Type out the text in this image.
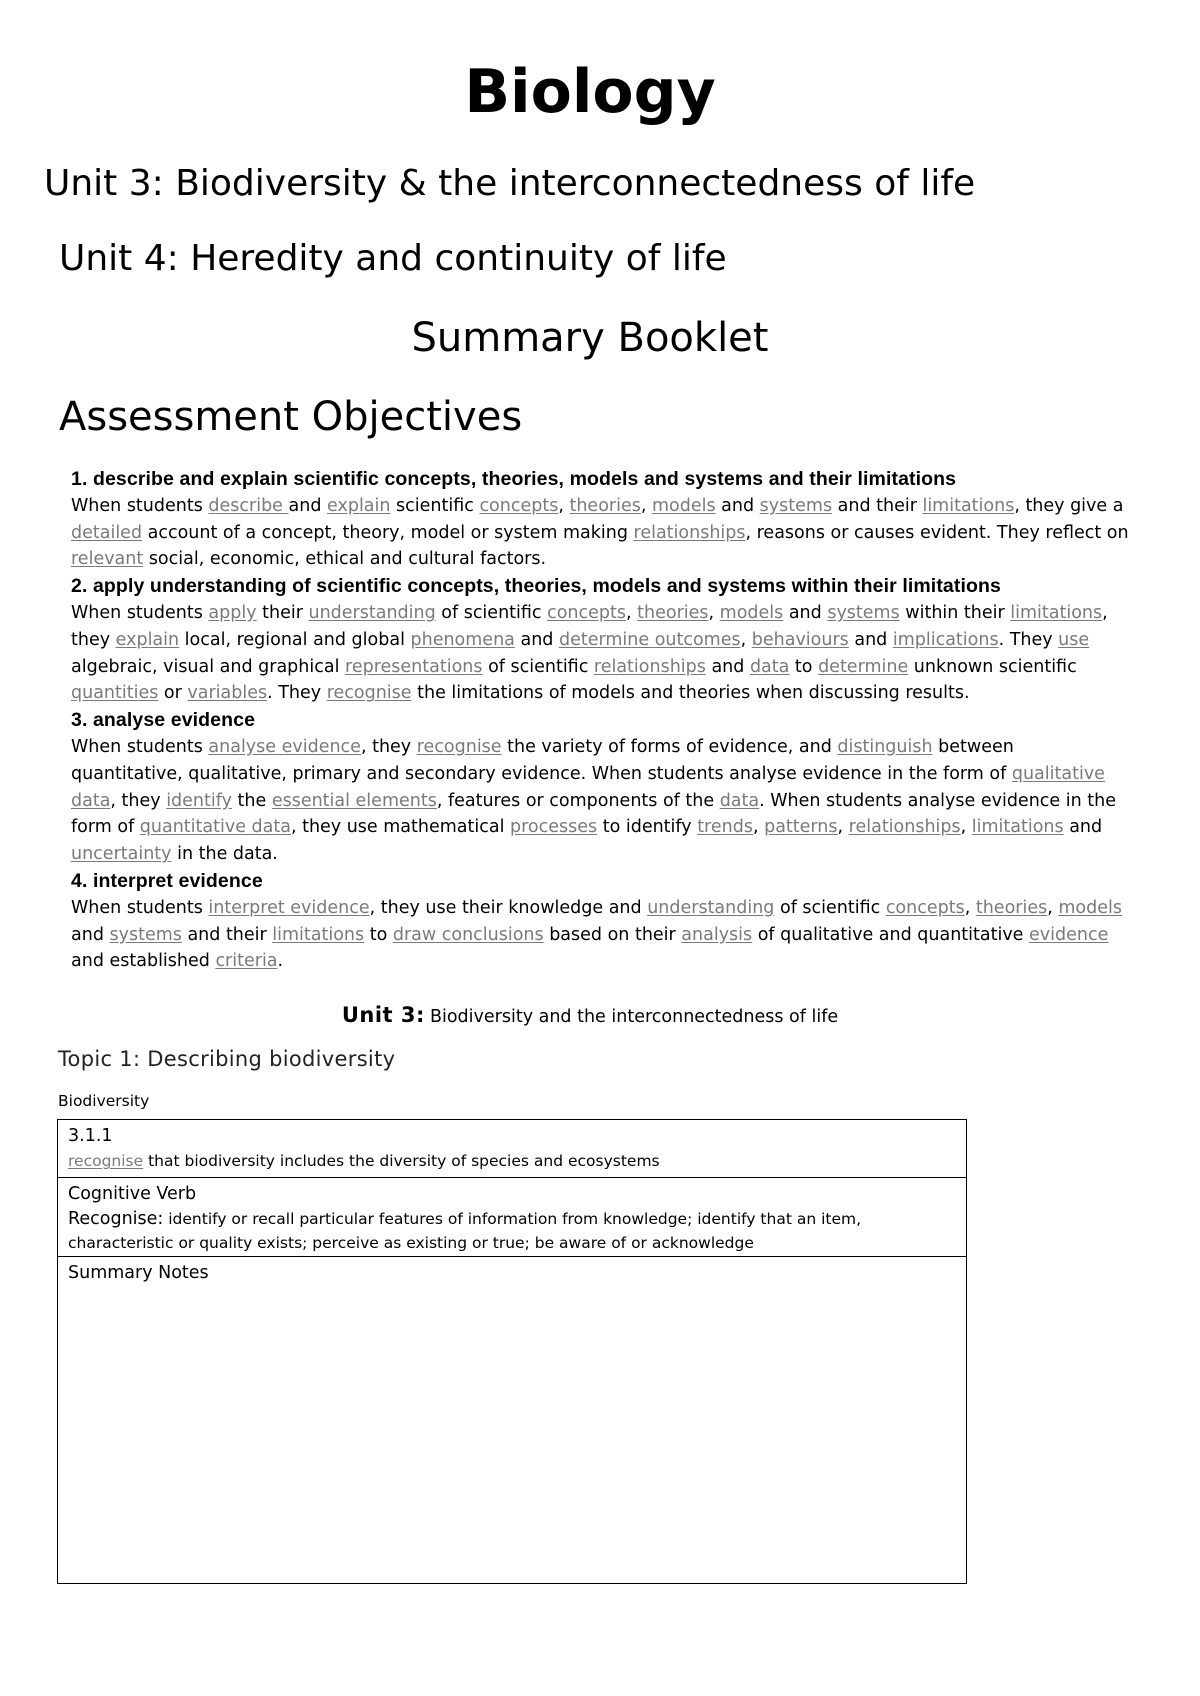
Biology
Unit 3: Biodiversity & the interconnectedness of life
Unit 4: Heredity and continuity of life
Summary Booklet
Assessment Objectives
1. describe and explain scientific concepts, theories, models and systems and their limitations

When students describe and explain scientific concepts, theories, models and systems and their limitations, they give a detailed account of a concept, theory, model or system making relationships, reasons or causes evident. They reflect on relevant social, economic, ethical and cultural factors.

2. apply understanding of scientific concepts, theories, models and systems within their limitations

When students apply their understanding of scientific concepts, theories, models and systems within their limitations, they explain local, regional and global phenomena and determine outcomes, behaviours and implications. They use algebraic, visual and graphical representations of scientific relationships and data to determine unknown scientific quantities or variables. They recognise the limitations of models and theories when discussing results.

3. analyse evidence

When students analyse evidence, they recognise the variety of forms of evidence, and distinguish between quantitative, qualitative, primary and secondary evidence. When students analyse evidence in the form of qualitative data, they identify the essential elements, features or components of the data. When students analyse evidence in the form of quantitative data, they use mathematical processes to identify trends, patterns, relationships, limitations and uncertainty in the data.

4. interpret evidence

When students interpret evidence, they use their knowledge and understanding of scientific concepts, theories, models and systems and their limitations to draw conclusions based on their analysis of qualitative and quantitative evidence and established criteria.

Unit 3: Biodiversity and the interconnectedness of life
Topic 1: Describing biodiversity
Biodiversity
3.1.1
recognise that biodiversity includes the diversity of species and ecosystems
Cognitive Verb
Recognise: identify or recall particular features of information from knowledge; identify that an item, characteristic or quality exists; perceive as existing or true; be aware of or acknowledge
Summary Notes
